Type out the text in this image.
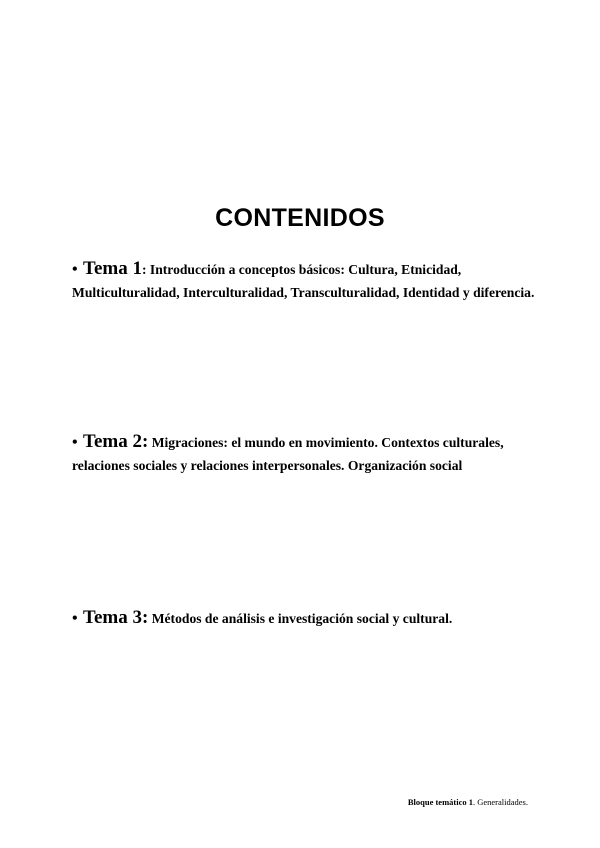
CONTENIDOS

• Tema 1: Introducción a conceptos básicos: Cultura, Etnicidad, Multiculturalidad, Interculturalidad, Transculturalidad, Identidad y diferencia.

• Tema 2: Migraciones: el mundo en movimiento. Contextos culturales, relaciones sociales y relaciones interpersonales. Organización social

• Tema 3: Métodos de análisis e investigación social y cultural.

Bloque temático 1. Generalidades.
